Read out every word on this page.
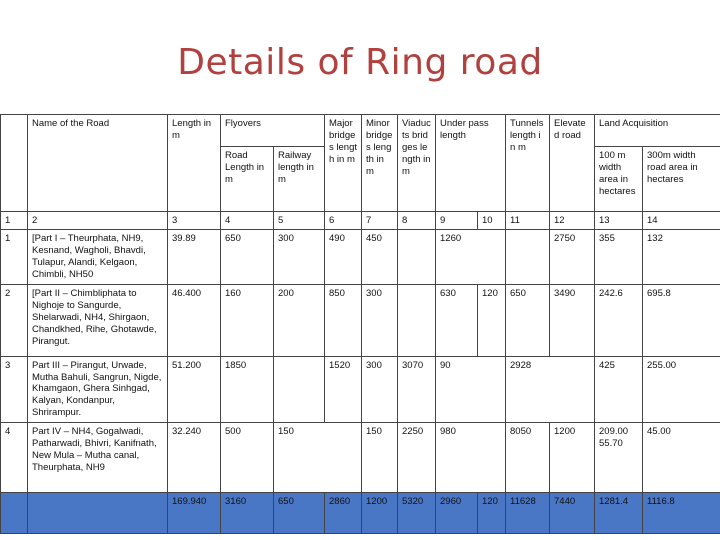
Details of Ring road
	Name of the Road	Length in m	Flyovers		Major bridges length in m	Minor bridges length in m	Viaducts bridges length in m	Under pass length		Tunnels length in m	Elevated road	Land Acquisition	
			Road Length in m	Railway length in m								100 m width area in hectares	300m width road area in hectares
1	2	3	4	5	6	7	8	9	10	11	12	13	14
1	[Part I – Theurphata, NH9, Kesnand, Wagholi, Bhavdi, Tulapur, Alandi, Kelgaon, Chimbli, NH50	39.89	650	300	490	450		1260			2750	355	132
2	[Part II – Chimbliphata to Nighoje to Sangurde, Shelarwadi, NH4, Shirgaon, Chandkhed, Rihe, Ghotawde, Pirangut.	46.400	160	200	850	300		630	120	650	3490	242.6	695.8
3	Part III – Pirangut, Urwade, Mutha Bahuli, Sangrun, Nigde, Khamgaon, Ghera Sinhgad, Kalyan, Kondanpur, Shrirampur.	51.200	1850		1520	300	3070	90		2928		425	255.00
4	Part IV – NH4, Gogalwadi, Patharwadi, Bhivri, Kanifnath, New Mula – Mutha canal, Theurphata, NH9	32.240	500	150		150	2250	980		8050	1200	209.00 55.70	45.00
		169.940	3160	650	2860	1200	5320	2960	120	11628	7440	1281.4	1116.8
